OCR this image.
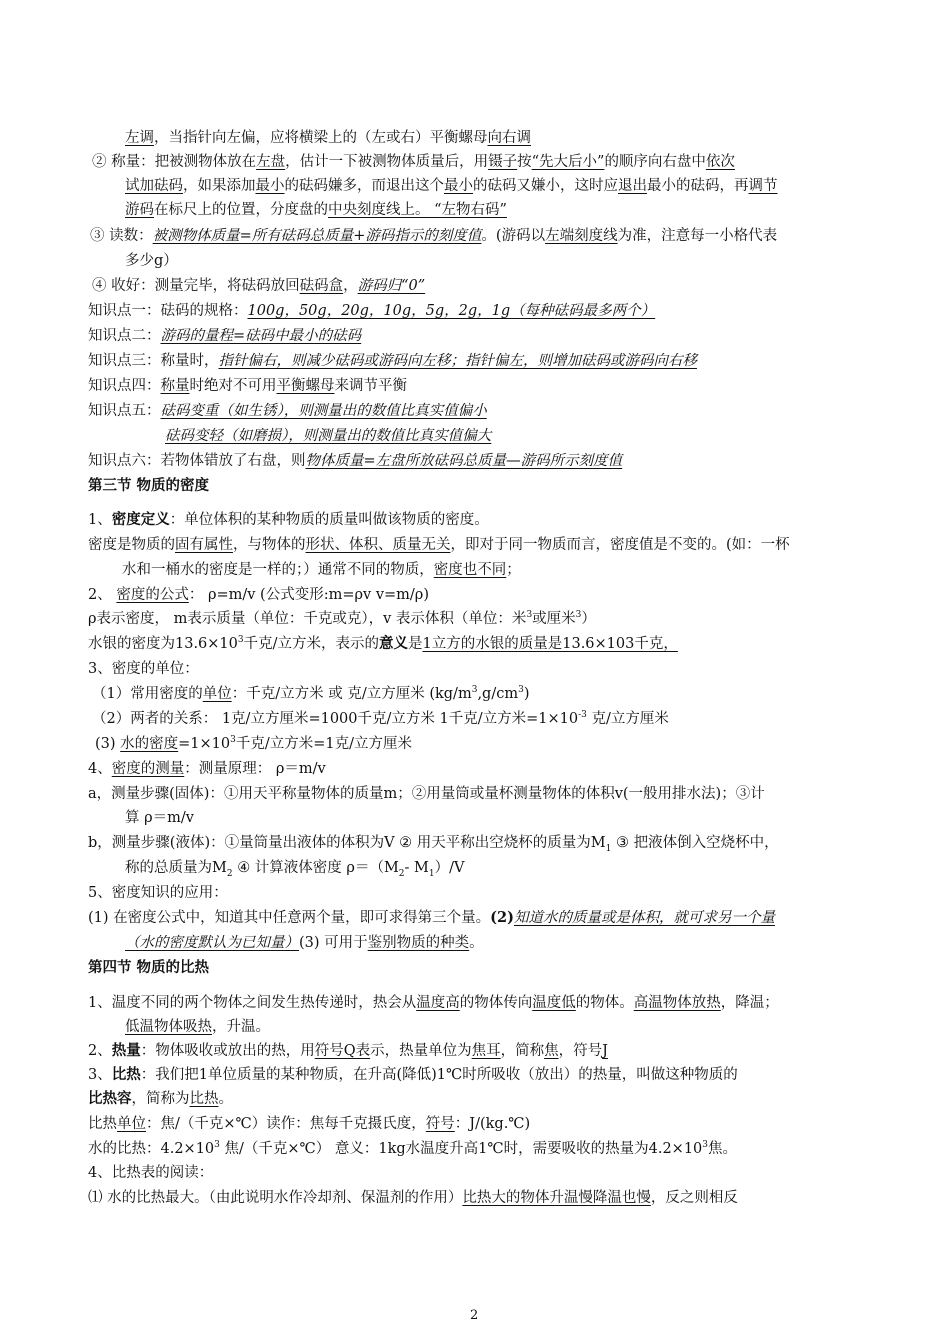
左调，当指针向左偏，应将横梁上的（左或右）平衡螺母向右调
② 称量：把被测物体放在左盘，估计一下被测物体质量后，用镊子按“先大后小”的顺序向右盘中依次
试加砝码，如果添加最小的砝码嫌多，而退出这个最小的砝码又嫌小，这时应退出最小的砝码，再调节
游码在标尺上的位置，分度盘的中央刻度线上。 “左物右码”
③ 读数：被测物体质量=所有砝码总质量+游码指示的刻度值。(游码以左端刻度线为准，注意每一小格代表
多少g）
④ 收好：测量完毕，将砝码放回砝码盒，游码归“0”
知识点一：砝码的规格：100g，50g，20g，10g，5g，2g，1g（每种砝码最多两个）
知识点二：游码的量程=砝码中最小的砝码
知识点三：称量时，指针偏右，则减少砝码或游码向左移；指针偏左，则增加砝码或游码向右移
知识点四：称量时绝对不可用平衡螺母来调节平衡
知识点五：砝码变重（如生锈），则测量出的数值比真实值偏小
砝码变轻（如磨损），则测量出的数值比真实值偏大
知识点六：若物体错放了右盘，则物体质量=左盘所放砝码总质量—游码所示刻度值
第三节 物质的密度
1、密度定义：单位体积的某种物质的质量叫做该物质的密度。
密度是物质的固有属性，与物体的形状、体积、质量无关，即对于同一物质而言，密度值是不变的。(如：一杯
水和一桶水的密度是一样的；）通常不同的物质，密度也不同；
2、 密度的公式： ρ=m/v (公式变形:m=ρv v=m/ρ)
ρ表示密度， m表示质量（单位：千克或克），v 表示体积（单位：米$^3$或厘米$^3$）
水银的密度为$13.6\times 10^3$千克/立方米，表示的意义是1立方的水银的质量是13.6×103千克，
3、密度的单位：
（1）常用密度的单位：千克/立方米 或 克/立方厘米 $(kg/m^3,g/cm^3)$
（2）两者的关系： 1克/立方厘米=1000千克/立方米 1千克/立方米$=1\times 10^{-3}$ 克/立方厘米
(3) 水的密度$=1\times 10^3$千克/立方米=1克/立方厘米
4、密度的测量：测量原理： ρ＝m/v
a，测量步骤(固体)：①用天平称量物体的质量m；②用量筒或量杯测量物体的体积v(一般用排水法)；③计
算 ρ＝m/v
b，测量步骤(液体)：①量筒量出液体的体积为V ② 用天平称出空烧杯的质量为$M_1$ ③ 把液体倒入空烧杯中，
称的总质量为$M_2$ ④ 计算液体密度 $\rho=(M_2-$ $M_1)/V$
5、密度知识的应用：
(1) 在密度公式中，知道其中任意两个量，即可求得第三个量。(2)知道水的质量或是体积，就可求另一个量
（水的密度默认为已知量）(3) 可用于鉴别物质的种类。
第四节 物质的比热
1、温度不同的两个物体之间发生热传递时，热会从温度高的物体传向温度低的物体。高温物体放热，降温；
低温物体吸热，升温。
2、热量：物体吸收或放出的热，用符号Q表示，热量单位为焦耳，简称焦，符号J
3、比热：我们把1单位质量的某种物质，在升高(降低)1℃时所吸收（放出）的热量，叫做这种物质的
比热容，简称为比热。
比热单位：焦/（千克×℃）读作：焦每千克摄氏度，符号：J/(kg.℃)
水的比热：$4.2\times 10^3$ 焦/（千克×℃） 意义：1kg水温度升高1℃时，需要吸收的热量为$4.2\times 10^3$焦。
4、比热表的阅读：
⑴ 水的比热最大。（由此说明水作冷却剂、保温剂的作用）比热大的物体升温慢降温也慢，反之则相反
2
